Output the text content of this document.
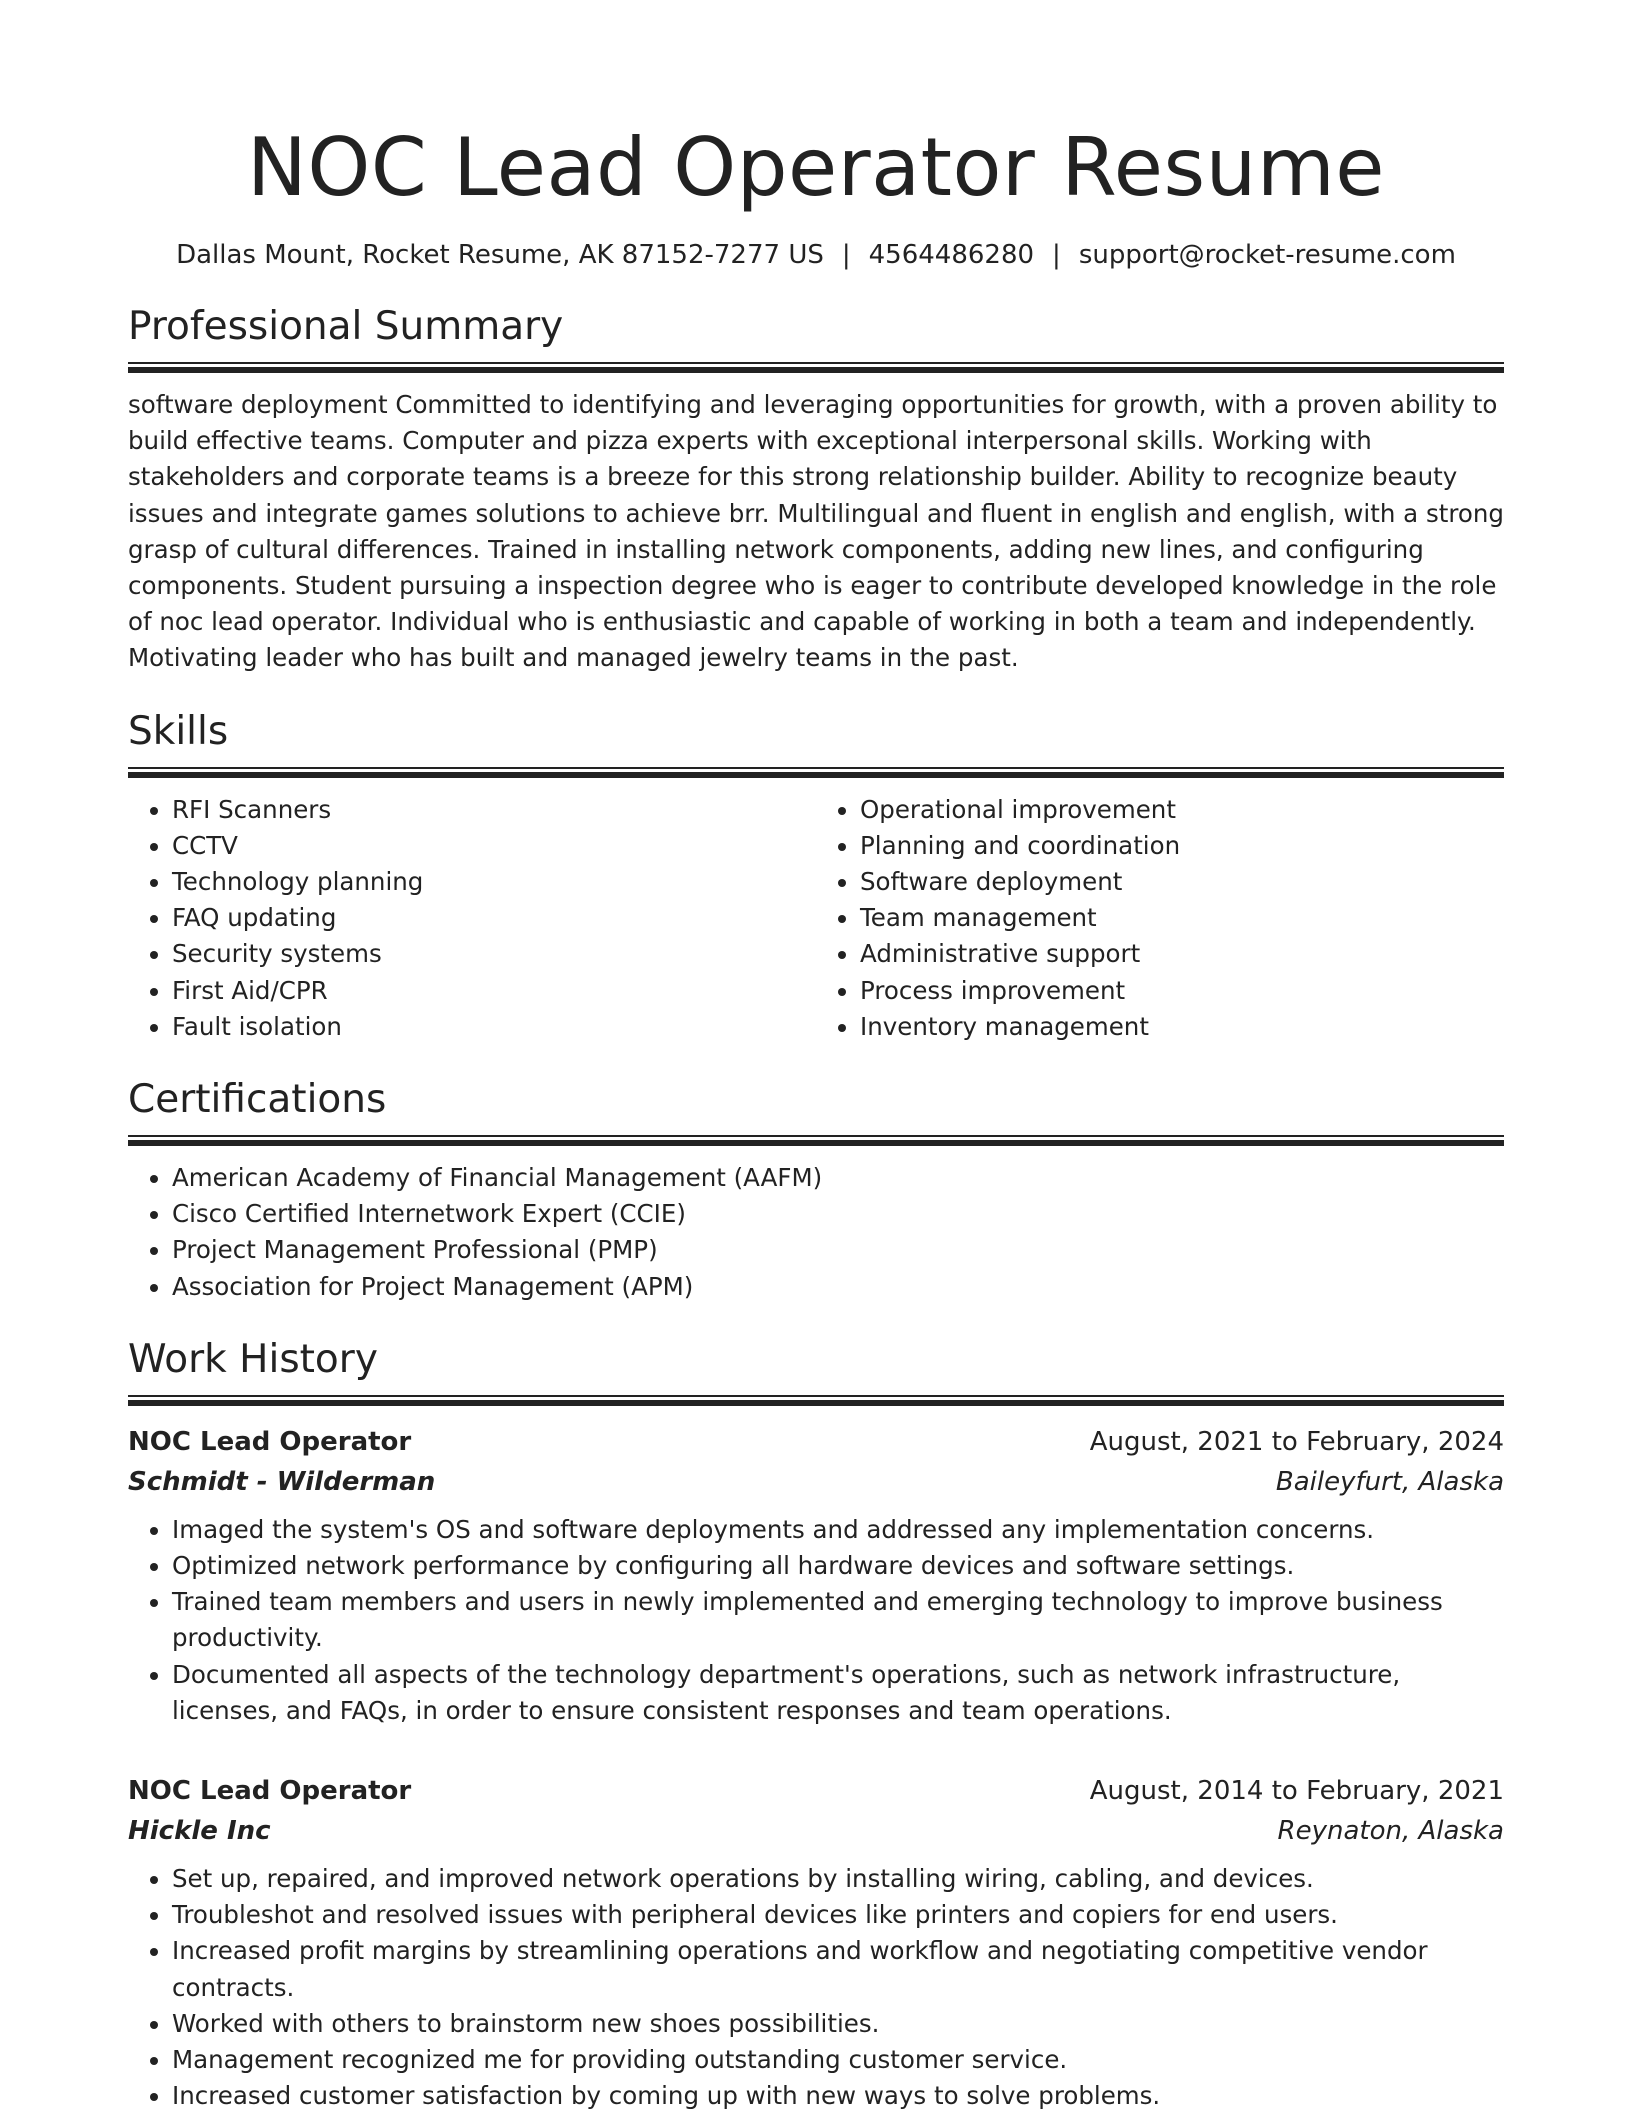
NOC Lead Operator Resume
Dallas Mount, Rocket Resume, AK 87152-7277 US | 4564486280 | support@rocket-resume.com
Professional Summary
software deployment Committed to identifying and leveraging opportunities for growth, with a proven ability to build effective teams. Computer and pizza experts with exceptional interpersonal skills. Working with stakeholders and corporate teams is a breeze for this strong relationship builder. Ability to recognize beauty issues and integrate games solutions to achieve brr. Multilingual and fluent in english and english, with a strong grasp of cultural differences. Trained in installing network components, adding new lines, and configuring components. Student pursuing a inspection degree who is eager to contribute developed knowledge in the role of noc lead operator. Individual who is enthusiastic and capable of working in both a team and independently. Motivating leader who has built and managed jewelry teams in the past.
Skills
• RFI Scanners
• CCTV
• Technology planning
• FAQ updating
• Security systems
• First Aid/CPR
• Fault isolation
• Operational improvement
• Planning and coordination
• Software deployment
• Team management
• Administrative support
• Process improvement
• Inventory management
Certifications
• American Academy of Financial Management (AAFM)
• Cisco Certified Internetwork Expert (CCIE)
• Project Management Professional (PMP)
• Association for Project Management (APM)
Work History
NOC Lead Operator	August, 2021 to February, 2024
Schmidt - Wilderman	Baileyfurt, Alaska
• Imaged the system's OS and software deployments and addressed any implementation concerns.
• Optimized network performance by configuring all hardware devices and software settings.
• Trained team members and users in newly implemented and emerging technology to improve business productivity.
• Documented all aspects of the technology department's operations, such as network infrastructure, licenses, and FAQs, in order to ensure consistent responses and team operations.
NOC Lead Operator	August, 2014 to February, 2021
Hickle Inc	Reynaton, Alaska
• Set up, repaired, and improved network operations by installing wiring, cabling, and devices.
• Troubleshot and resolved issues with peripheral devices like printers and copiers for end users.
• Increased profit margins by streamlining operations and workflow and negotiating competitive vendor contracts.
• Worked with others to brainstorm new shoes possibilities.
• Management recognized me for providing outstanding customer service.
• Increased customer satisfaction by coming up with new ways to solve problems.
